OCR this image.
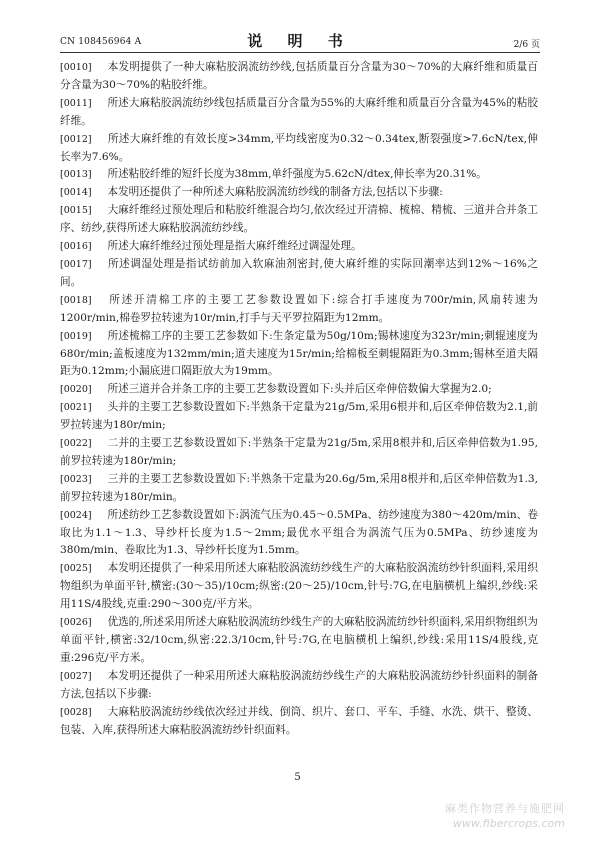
CN 108456964 A	说 明 书	2/6 页

[0010]   本发明提供了一种大麻粘胶涡流纺纱线,包括质量百分含量为30～70%的大麻纤维和质量百分含量为30～70%的粘胶纤维。

[0011]   所述大麻粘胶涡流纺纱线包括质量百分含量为55%的大麻纤维和质量百分含量为45%的粘胶纤维。

[0012]   所述大麻纤维的有效长度>34mm,平均线密度为0.32～0.34tex,断裂强度>7.6cN/tex,伸长率为7.6%。

[0013]   所述粘胶纤维的短纤长度为38mm,单纤强度为5.62cN/dtex,伸长率为20.31%。

[0014]   本发明还提供了一种所述大麻粘胶涡流纺纱线的制备方法,包括以下步骤:

[0015]   大麻纤维经过预处理后和粘胶纤维混合均匀,依次经过开清棉、梳棉、精梳、三道并合并条工序、纺纱,获得所述大麻粘胶涡流纺纱线。

[0016]   所述大麻纤维经过预处理是指大麻纤维经过调湿处理。

[0017]   所述调湿处理是指试纺前加入软麻油剂密封,使大麻纤维的实际回潮率达到12%～16%之间。

[0018]   所述开清棉工序的主要工艺参数设置如下:综合打手速度为700r/min,风扇转速为1200r/min,棉卷罗拉转速为10r/min,打手与天平罗拉隔距为12mm。

[0019]   所述梳棉工序的主要工艺参数如下:生条定量为50g/10m;锡林速度为323r/min;刺辊速度为680r/min;盖板速度为132mm/min;道夫速度为15r/min;给棉板至刺辊隔距为0.3mm;锡林至道夫隔距为0.12mm;小漏底进口隔距放大为19mm。

[0020]   所述三道并合并条工序的主要工艺参数设置如下:头并后区牵伸倍数偏大掌握为2.0;

[0021]   头并的主要工艺参数设置如下:半熟条干定量为21g/5m,采用6根并和,后区牵伸倍数为2.1,前罗拉转速为180r/min;

[0022]   二并的主要工艺参数设置如下:半熟条干定量为21g/5m,采用8根并和,后区牵伸倍数为1.95,前罗拉转速为180r/min;

[0023]   三并的主要工艺参数设置如下:半熟条干定量为20.6g/5m,采用8根并和,后区牵伸倍数为1.3,前罗拉转速为180r/min。

[0024]   所述纺纱工艺参数设置如下:涡流气压为0.45～0.5MPa、纺纱速度为380～420m/min、卷取比为1.1～1.3、导纱杆长度为1.5～2mm;最优水平组合为涡流气压为0.5MPa、纺纱速度为380m/min、卷取比为1.3、导纱杆长度为1.5mm。

[0025]   本发明还提供了一种采用所述大麻粘胶涡流纺纱线生产的大麻粘胶涡流纺纱针织面料,采用织物组织为单面平针,横密:(30～35)/10cm;纵密:(20～25)/10cm,针号:7G,在电脑横机上编织,纱线:采用11S/4股线,克重:290～300克/平方米。

[0026]   优选的,所述采用所述大麻粘胶涡流纺纱线生产的大麻粘胶涡流纺纱针织面料,采用织物组织为单面平针,横密:32/10cm,纵密:22.3/10cm,针号:7G,在电脑横机上编织,纱线:采用11S/4股线,克重:296克/平方米。

[0027]   本发明还提供了一种采用所述大麻粘胶涡流纺纱线生产的大麻粘胶涡流纺纱针织面料的制备方法,包括以下步骤:

[0028]   大麻粘胶涡流纺纱线依次经过并线、倒筒、织片、套口、平车、手缝、水洗、烘干、整烫、包装、入库,获得所述大麻粘胶涡流纺纱针织面料。

5
麻类作物营养与施肥网
www.fibercrops.com
